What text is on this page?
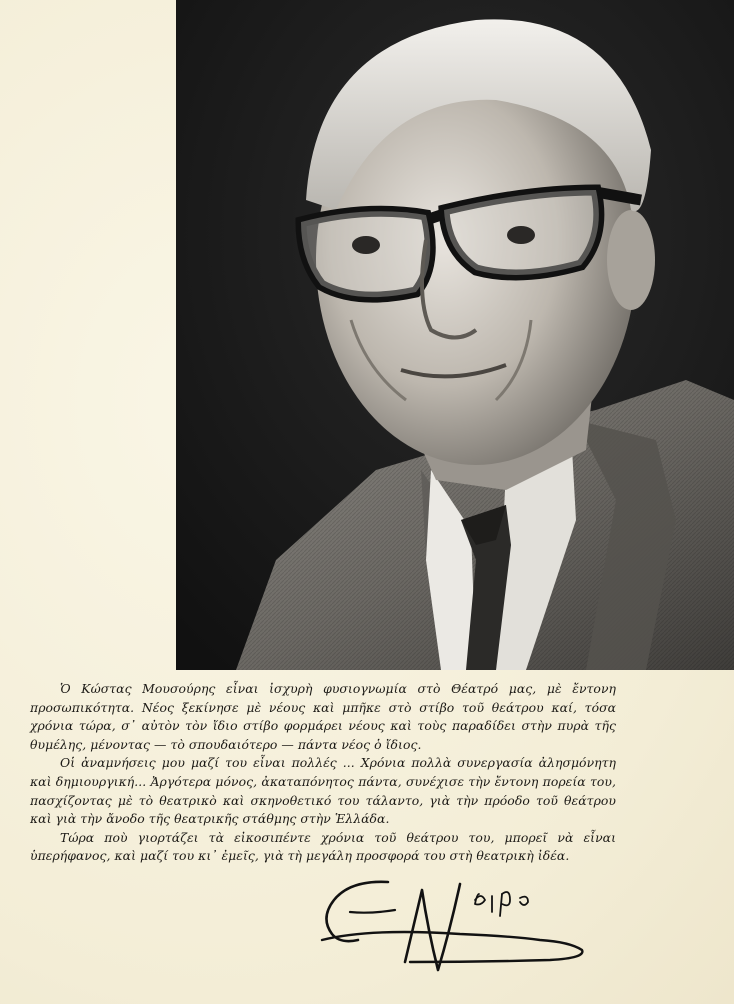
Ὁ Κώστας Μουσούρης εἶναι ἰσχυρὴ φυσιογνωμία στὸ Θέατρό μας, μὲ ἔντονη προσωπικότητα. Νέος ξεκίνησε μὲ νέους καὶ μπῆκε στὸ στίβο τοῦ θεάτρου καί, τόσα χρόνια τώρα, σ᾽ αὐτὸν τὸν ἴδιο στίβο φορμάρει νέους καὶ τοὺς παραδίδει στὴν πυρὰ τῆς θυμέλης, μένοντας — τὸ σπουδαιότερο — πάντα νέος ὁ ἴδιος.

Οἱ ἀναμνήσεις μου μαζί του εἶναι πολλές ... Χρόνια πολλὰ συνεργασία ἀλησμόνητη καὶ δημιουργική... Ἀργότερα μόνος, ἀκαταπόνητος πάντα, συνέχισε τὴν ἔντονη πορεία του, πασχίζοντας μὲ τὸ θεατρικὸ καὶ σκηνοθετικό του τάλαντο, γιὰ τὴν πρόοδο τοῦ θεάτρου καὶ γιὰ τὴν ἄνοδο τῆς θεατρικῆς στάθμης στὴν Ἑλλάδα.

Τώρα ποὺ γιορτάζει τὰ εἰκοσιπέντε χρόνια τοῦ θεάτρου του, μπορεῖ νὰ εἶναι ὑπερήφανος, καὶ μαζί του κι᾽ ἐμεῖς, γιὰ τὴ μεγάλη προσφορά του στὴ θεατρικὴ ἰδέα.
